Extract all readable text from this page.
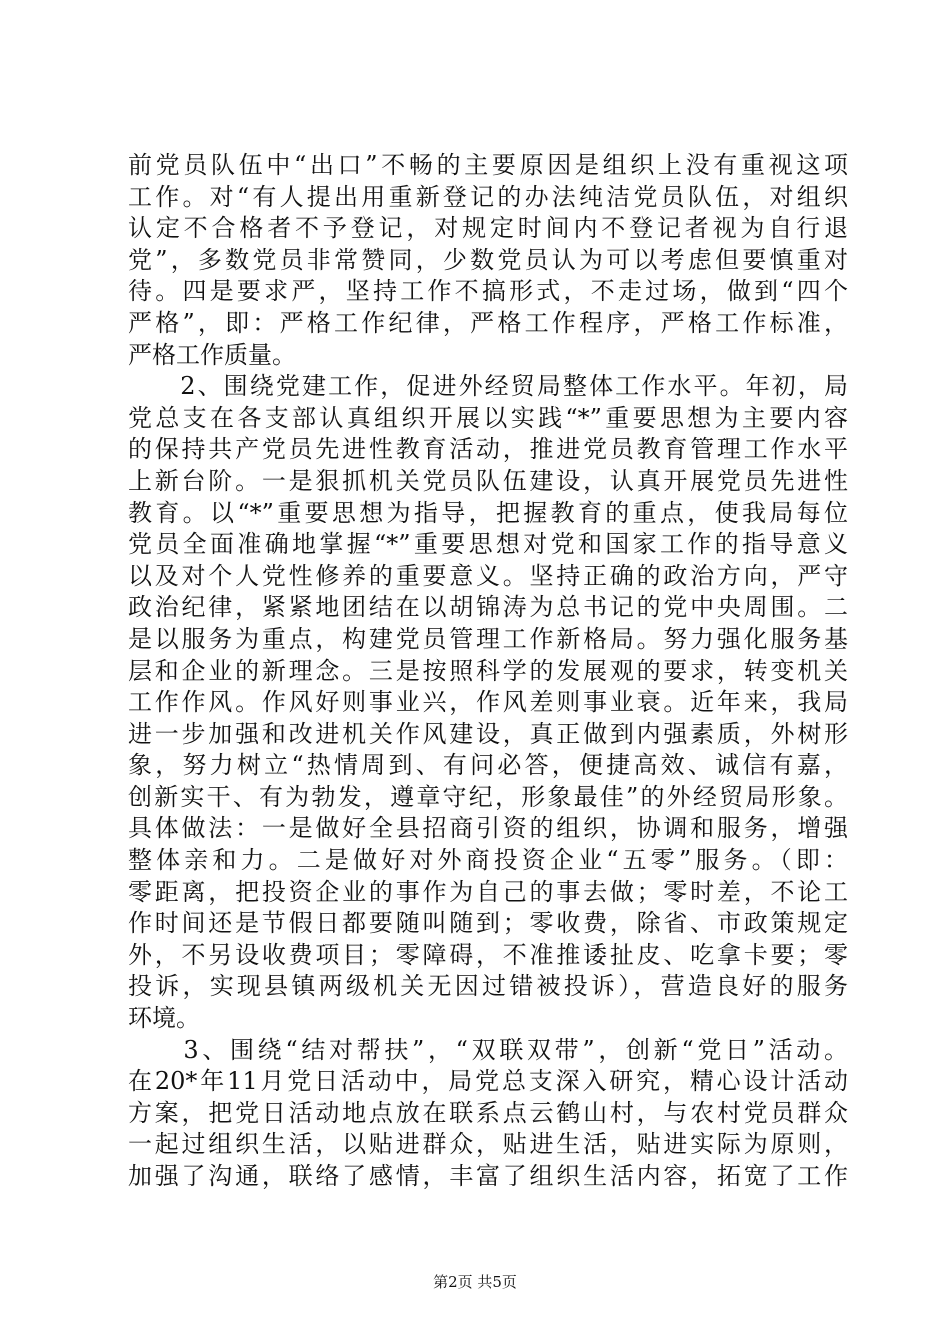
前党员队伍中“出口”不畅的主要原因是组织上没有重视这项
工作。对“有人提出用重新登记的办法纯洁党员队伍，对组织
认定不合格者不予登记，对规定时间内不登记者视为自行退
党”，多数党员非常赞同，少数党员认为可以考虑但要慎重对
待。四是要求严，坚持工作不搞形式，不走过场，做到“四个
严格”，即：严格工作纪律，严格工作程序，严格工作标准，
严格工作质量。
　　2、围绕党建工作，促进外经贸局整体工作水平。年初，局
党总支在各支部认真组织开展以实践“*”重要思想为主要内容
的保持共产党员先进性教育活动，推进党员教育管理工作水平
上新台阶。一是狠抓机关党员队伍建设，认真开展党员先进性
教育。以“*”重要思想为指导，把握教育的重点，使我局每位
党员全面准确地掌握“*”重要思想对党和国家工作的指导意义
以及对个人党性修养的重要意义。坚持正确的政治方向，严守
政治纪律，紧紧地团结在以胡锦涛为总书记的党中央周围。二
是以服务为重点，构建党员管理工作新格局。努力强化服务基
层和企业的新理念。三是按照科学的发展观的要求，转变机关
工作作风。作风好则事业兴，作风差则事业衰。近年来，我局
进一步加强和改进机关作风建设，真正做到内强素质，外树形
象，努力树立“热情周到、有问必答，便捷高效、诚信有嘉，
创新实干、有为勃发，遵章守纪，形象最佳”的外经贸局形象。
具体做法：一是做好全县招商引资的组织，协调和服务，增强
整体亲和力。二是做好对外商投资企业“五零”服务。（即：
零距离，把投资企业的事作为自己的事去做；零时差，不论工
作时间还是节假日都要随叫随到；零收费，除省、市政策规定
外，不另设收费项目；零障碍，不准推诿扯皮、吃拿卡要；零
投诉，实现县镇两级机关无因过错被投诉），营造良好的服务
环境。
　　3、围绕“结对帮扶”，“双联双带”，创新“党日”活动。
在20*年11月党日活动中，局党总支深入研究，精心设计活动
方案，把党日活动地点放在联系点云鹤山村，与农村党员群众
一起过组织生活，以贴进群众，贴进生活，贴进实际为原则，
加强了沟通，联络了感情，丰富了组织生活内容，拓宽了工作
第2页 共5页
